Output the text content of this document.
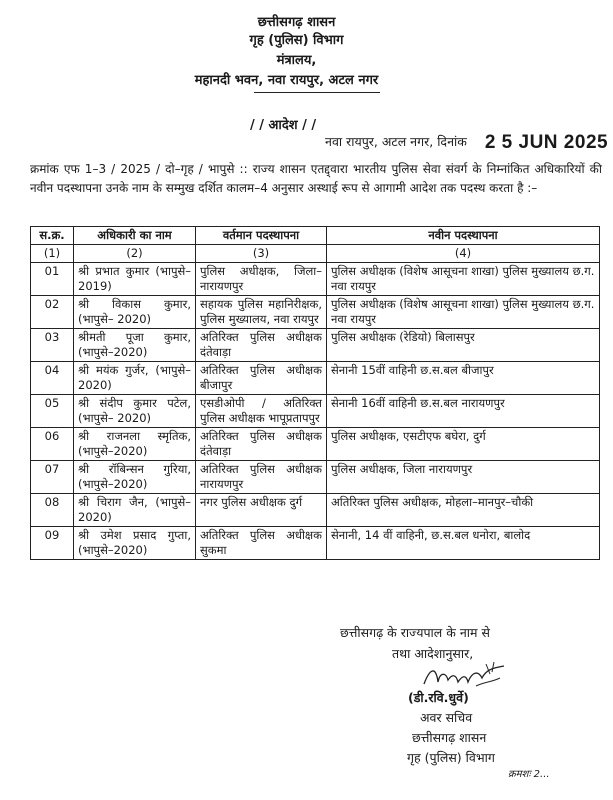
छत्तीसगढ़ शासन
गृह (पुलिस) विभाग
मंत्रालय,
महानदी भवन, नवा रायपुर, अटल नगर
/ / आदेश / /
नवा रायपुर, अटल नगर, दिनांक 2 5 JUN 2025
क्रमांक एफ 1–3 / 2025 / दो–गृह / भापुसे :: राज्य शासन एतद्द्वारा भारतीय पुलिस सेवा संवर्ग के निम्नांकित अधिकारियों की नवीन पदस्थापना उनके नाम के सम्मुख दर्शित कालम–4 अनुसार अस्थाई रूप से आगामी आदेश तक पदस्थ करता है :–
स.क्र.	अधिकारी का नाम	वर्तमान पदस्थापना	नवीन पदस्थापना
(1)	(2)	(3)	(4)
01	श्री प्रभात कुमार (भापुसे–2019)	पुलिस अधीक्षक, जिला–नारायणपुर	पुलिस अधीक्षक (विशेष आसूचना शाखा) पुलिस मुख्यालय छ.ग. नवा रायपुर
02	श्री विकास कुमार, (भापुसे– 2020)	सहायक पुलिस महानिरीक्षक, पुलिस मुख्यालय, नवा रायपुर	पुलिस अधीक्षक (विशेष आसूचना शाखा) पुलिस मुख्यालय छ.ग. नवा रायपुर
03	श्रीमती पूजा कुमार, (भापुसे–2020)	अतिरिक्त पुलिस अधीक्षक दंतेवाड़ा	पुलिस अधीक्षक (रेडियो) बिलासपुर
04	श्री मयंक गुर्जर, (भापुसे– 2020)	अतिरिक्त पुलिस अधीक्षक बीजापुर	सेनानी 15वीं वाहिनी छ.स.बल बीजापुर
05	श्री संदीप कुमार पटेल, (भापुसे– 2020)	एसडीओपी / अतिरिक्त पुलिस अधीक्षक भापूप्रतापपुर	सेनानी 16वीं वाहिनी छ.स.बल नारायणपुर
06	श्री राजनला स्मृतिक, (भापुसे–2020)	अतिरिक्त पुलिस अधीक्षक दंतेवाड़ा	पुलिस अधीक्षक, एसटीएफ बघेरा, दुर्ग
07	श्री रॉबिन्सन गुरिया, (भापुसे–2020)	अतिरिक्त पुलिस अधीक्षक नारायणपुर	पुलिस अधीक्षक, जिला नारायणपुर
08	श्री चिराग जैन, (भापुसे– 2020)	नगर पुलिस अधीक्षक दुर्ग	अतिरिक्त पुलिस अधीक्षक, मोहला–मानपुर–चौकी
09	श्री उमेश प्रसाद गुप्ता, (भापुसे–2020)	अतिरिक्त पुलिस अधीक्षक सुकमा	सेनानी, 14 वीं वाहिनी, छ.स.बल धनोरा, बालोद
छत्तीसगढ़ के राज्यपाल के नाम से
तथा आदेशानुसार,
(डी.रवि.धुर्वे)
अवर सचिव
छत्तीसगढ़ शासन
गृह (पुलिस) विभाग
क्रमशः 2...
